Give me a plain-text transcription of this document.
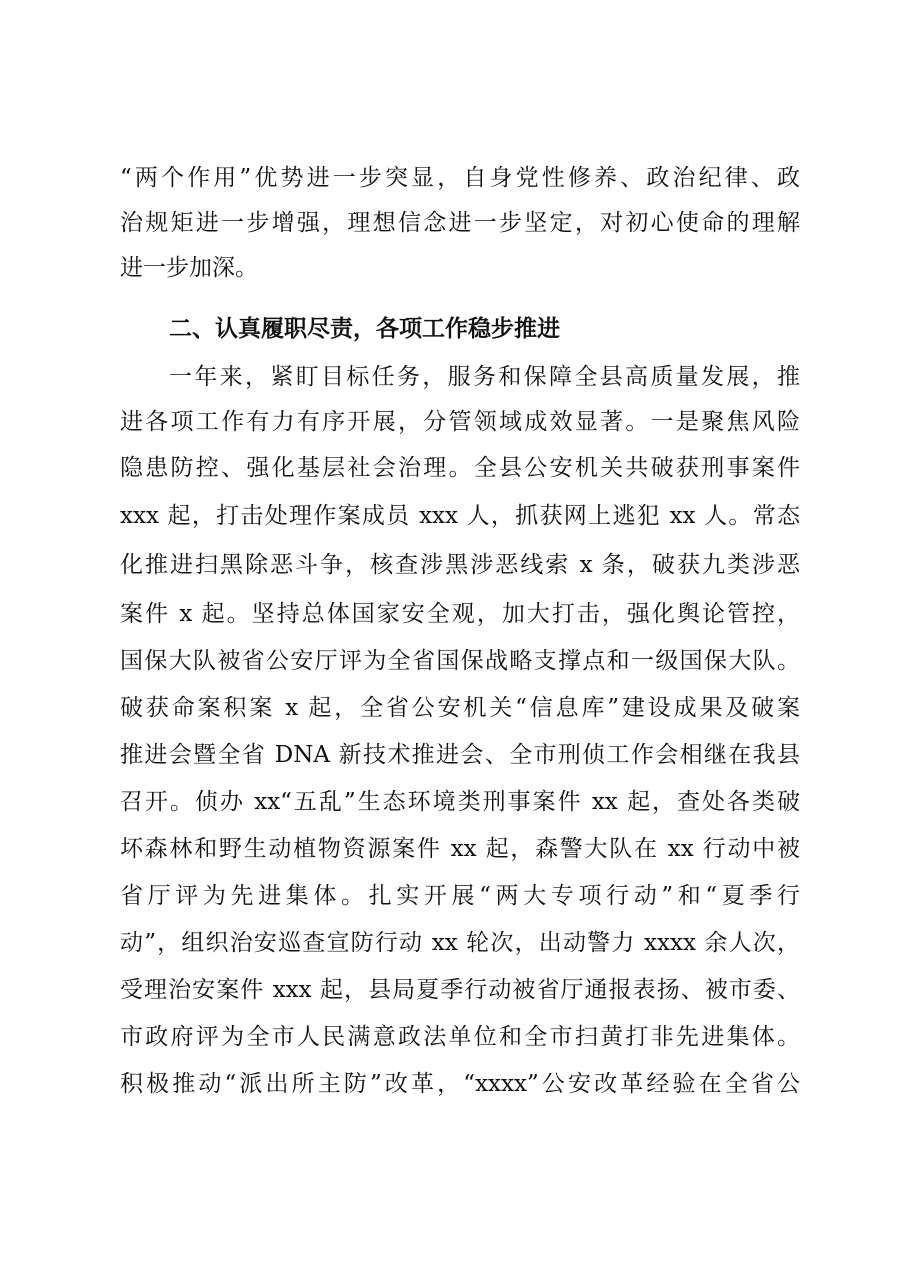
“两个作用”优势进一步突显，自身党性修养、政治纪律、政
治规矩进一步增强，理想信念进一步坚定，对初心使命的理解
进一步加深。
二、认真履职尽责，各项工作稳步推进
一年来，紧盯目标任务，服务和保障全县高质量发展，推
进各项工作有力有序开展，分管领域成效显著。一是聚焦风险
隐患防控、强化基层社会治理。全县公安机关共破获刑事案件
xxx 起，打击处理作案成员 xxx 人，抓获网上逃犯 xx 人。常态
化推进扫黑除恶斗争，核查涉黑涉恶线索 x 条，破获九类涉恶
案件 x 起。坚持总体国家安全观，加大打击，强化舆论管控，
国保大队被省公安厅评为全省国保战略支撑点和一级国保大队。
破获命案积案 x 起，全省公安机关“信息库”建设成果及破案
推进会暨全省 DNA 新技术推进会、全市刑侦工作会相继在我县
召开。侦办 xx“五乱”生态环境类刑事案件 xx 起，查处各类破
坏森林和野生动植物资源案件 xx 起，森警大队在 xx 行动中被
省厅评为先进集体。扎实开展“两大专项行动”和“夏季行
动”，组织治安巡查宣防行动 xx 轮次，出动警力 xxxx 余人次，
受理治安案件 xxx 起，县局夏季行动被省厅通报表扬、被市委、
市政府评为全市人民满意政法单位和全市扫黄打非先进集体。
积极推动“派出所主防”改革，“xxxx”公安改革经验在全省公
